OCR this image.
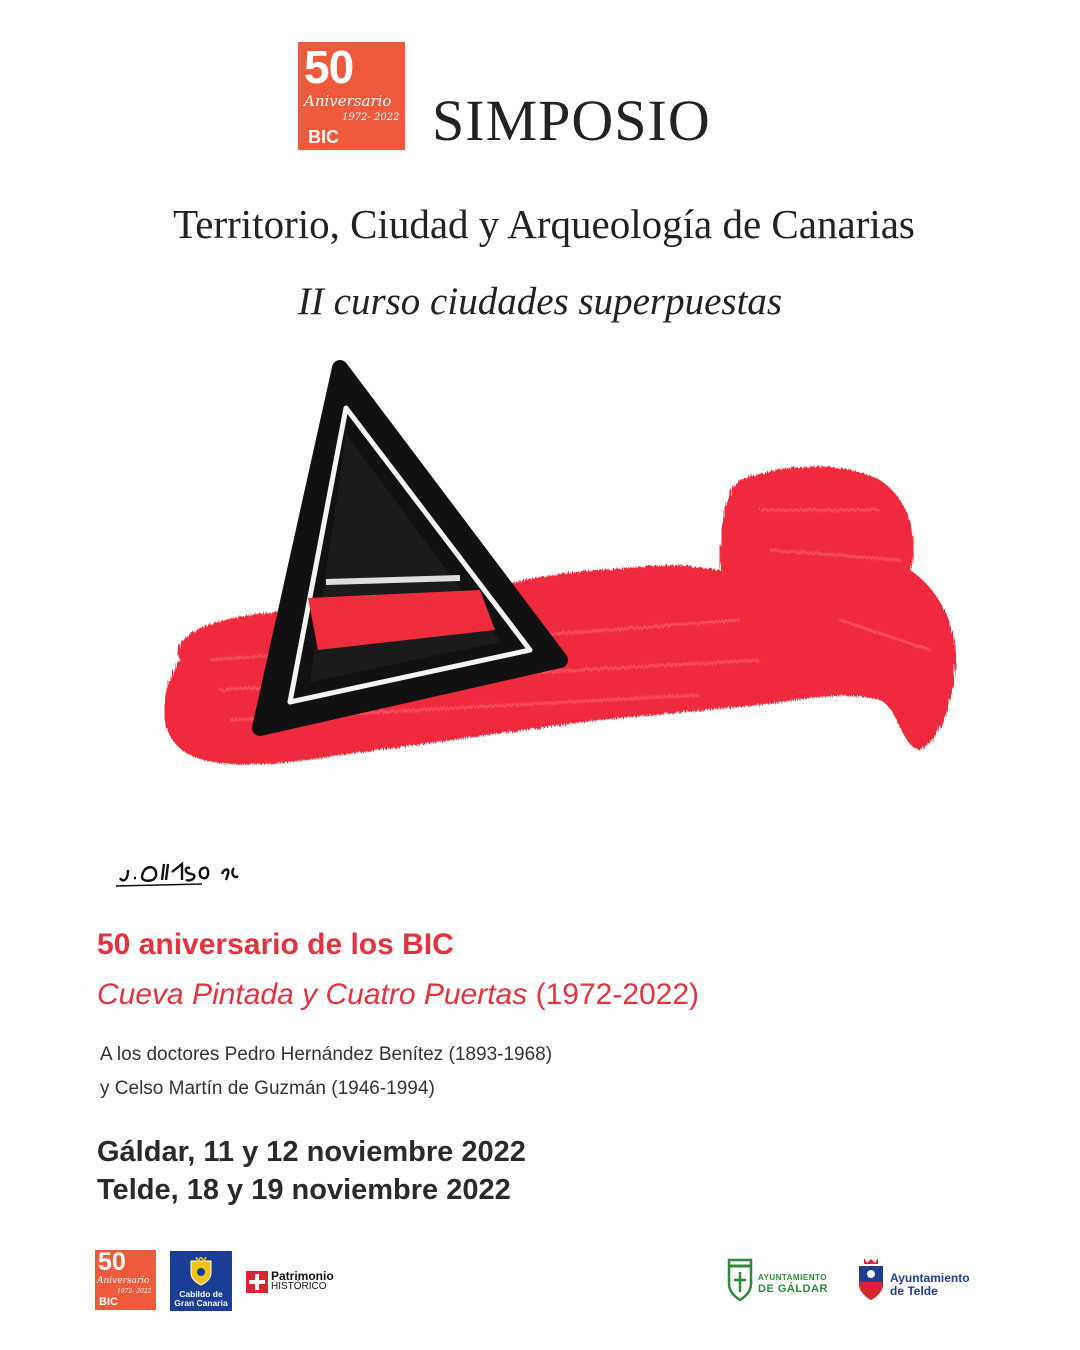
50
Aniversario
1972- 2022
BIC SIMPOSIO
Territorio, Ciudad y Arqueología de Canarias
II curso ciudades superpuestas
50 aniversario de los BIC
Cueva Pintada y Cuatro Puertas (1972-2022)
A los doctores Pedro Hernández Benítez (1893-1968)
y Celso Martín de Guzmán (1946-1994)
Gáldar, 11 y 12 noviembre 2022
Telde, 18 y 19 noviembre 2022
50
Aniversario
1972- 2022
BIC
Cabildo de Gran Canaria
Patrimonio
HISTÓRICO
AYUNTAMIENTO
DE GÁLDAR
Ayuntamiento
de Telde
